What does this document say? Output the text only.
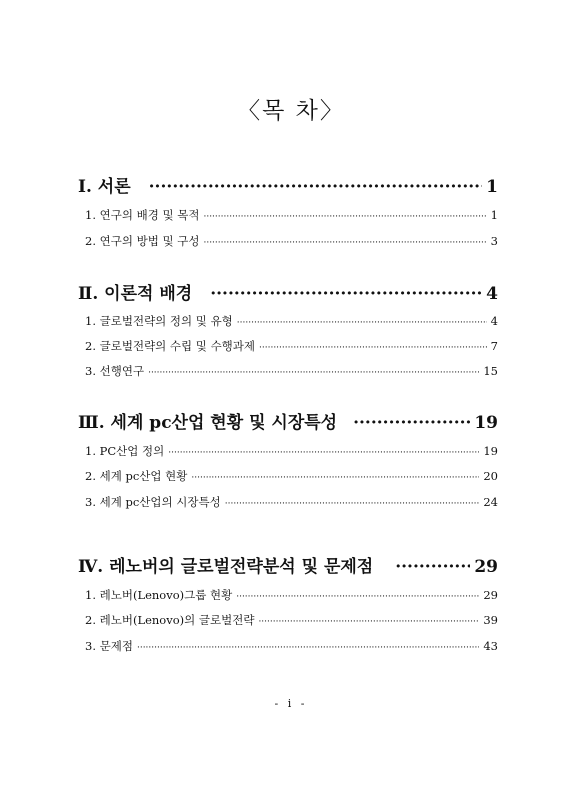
〈목 차〉
Ⅰ. 서론 ·····	1
1. 연구의 배경 및 목적 ·····	1
2. 연구의 방법 및 구성 ·····	3
Ⅱ. 이론적 배경 ·····	4
1. 글로벌전략의 정의 및 유형 ·····	4
2. 글로벌전략의 수립 및 수행과제 ·····	7
3. 선행연구 ·····	15
Ⅲ. 세계 pc산업 현황 및 시장특성 ·····	19
1. PC산업 정의 ·····	19
2. 세계 pc산업 현황 ·····	20
3. 세계 pc산업의 시장특성 ·····	24
Ⅳ. 레노버의 글로벌전략분석 및 문제점 ·····	29
1. 레노버(Lenovo)그룹 현황 ·····	29
2. 레노버(Lenovo)의 글로벌전략 ·····	39
3. 문제점 ·····	43
- i -
